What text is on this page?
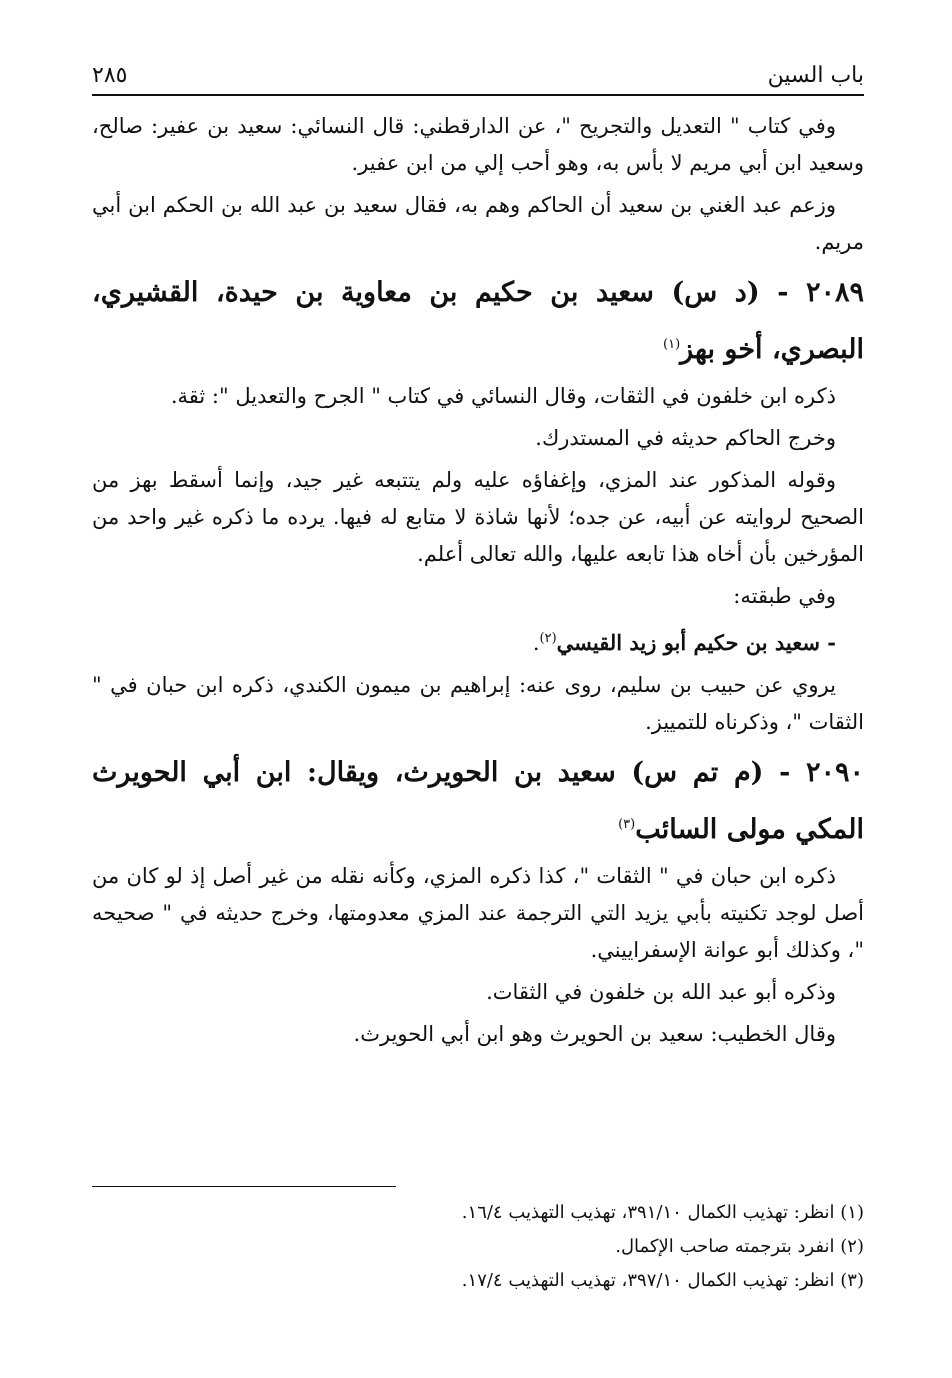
باب السين
٢٨٥

وفي كتاب " التعديل والتجريح "، عن الدارقطني: قال النسائي: سعيد بن عفير: صالح، وسعيد ابن أبي مريم لا بأس به، وهو أحب إلي من ابن عفير.

وزعم عبد الغني بن سعيد أن الحاكم وهم به، فقال سعيد بن عبد الله بن الحكم ابن أبي مريم.

٢٠٨٩ - (د س) سعيد بن حكيم بن معاوية بن حيدة، القشيري، البصري، أخو بهز$^{(١)}$

ذكره ابن خلفون في الثقات، وقال النسائي في كتاب " الجرح والتعديل ": ثقة.

وخرج الحاكم حديثه في المستدرك.

وقوله المذكور عند المزي، وإغفاؤه عليه ولم يتتبعه غير جيد، وإنما أسقط بهز من الصحيح لروايته عن أبيه، عن جده؛ لأنها شاذة لا متابع له فيها. يرده ما ذكره غير واحد من المؤرخين بأن أخاه هذا تابعه عليها، والله تعالى أعلم.

وفي طبقته:

- سعيد بن حكيم أبو زيد القيسي$^{(٢)}$.

يروي عن حبيب بن سليم، روى عنه: إبراهيم بن ميمون الكندي، ذكره ابن حبان في " الثقات "، وذكرناه للتمييز.

٢٠٩٠ - (م تم س) سعيد بن الحويرث، ويقال: ابن أبي الحويرث المكي مولى السائب$^{(٣)}$

ذكره ابن حبان في " الثقات "، كذا ذكره المزي، وكأنه نقله من غير أصل إذ لو كان من أصل لوجد تكنيته بأبي يزيد التي الترجمة عند المزي معدومتها، وخرج حديثه في " صحيحه "، وكذلك أبو عوانة الإسفراييني.

وذكره أبو عبد الله بن خلفون في الثقات.

وقال الخطيب: سعيد بن الحويرث وهو ابن أبي الحويرث.

(١) انظر: تهذيب الكمال ٣٩١/١٠، تهذيب التهذيب ١٦/٤.
(٢) انفرد بترجمته صاحب الإكمال.
(٣) انظر: تهذيب الكمال ٣٩٧/١٠، تهذيب التهذيب ١٧/٤.
